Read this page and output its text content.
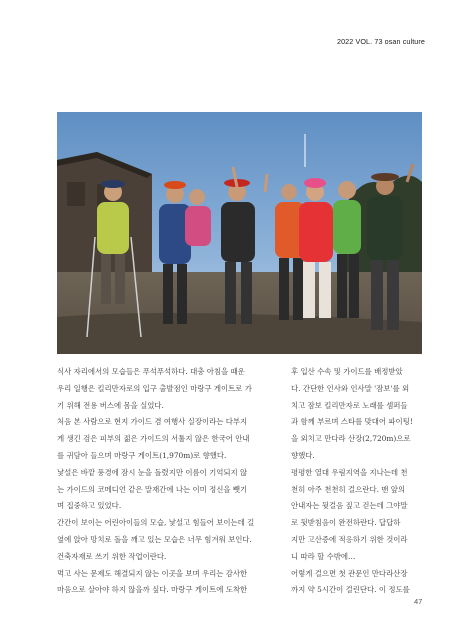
2022 VOL. 73 osan culture

식사 자리에서의 모습들은 푸석푸석하다. 대충 아침을 때운

우리 일행은 킬리만자로의 입구 출발점인 마랑구 게이트로 가

기 위해 전용 버스에 몸을 실었다.

처음 본 사람으로 현지 가이드 겸 여행사 실장이라는 다부지

게 생긴 검은 피부의 젊은 가이드의 서툴지 않은 한국어 안내

를 귀담아 들으며 마랑구 게이트(1,970m)로 향했다.

낯설은 바깥 풍경에 잠시 눈을 돌렸지만 이름이 기억되지 않

는 가이드의 코메디언 같은 말재간에 나는 이미 정신을 뺏기

며 집중하고 있었다.

간간이 보이는 어린아이들의 모습, 낯설고 힘들어 보이는데 길

옆에 앉아 망치로 돌을 깨고 있는 모습은 너무 힘겨워 보인다.

건축자재로 쓰기 위한 작업이란다.

먹고 사는 문제도 해결되지 않는 이곳을 보며 우리는 감사한

마음으로 살아야 하지 않을까 싶다. 마랑구 게이트에 도착한

후 입산 수속 및 가이드를 배정받았

다. 간단한 인사와 인사말 '잠보'를 외

치고 잠보 킬리만자로 노래를 셈퍼들

과 함께 부르며 스타를 맞대어 파이팅!

을 외치고 만다라 산장(2,720m)으로

향했다.

평평한 열대 우림지역을 지나는데 천

천히 아주 천천히 걸으란다. 맨 앞의

안내자는 뒷걸음 짚고 걷는데 그야말

로 뒷받침음이 완전하란다. 답답하

지만 고산증에 적응하기 위한 것이라

니 따라 할 수밖에…

어렇게 걸으면 첫 관문인 만다라산장

까지 약 5시간이 걸린단다. 이 정도를

47
